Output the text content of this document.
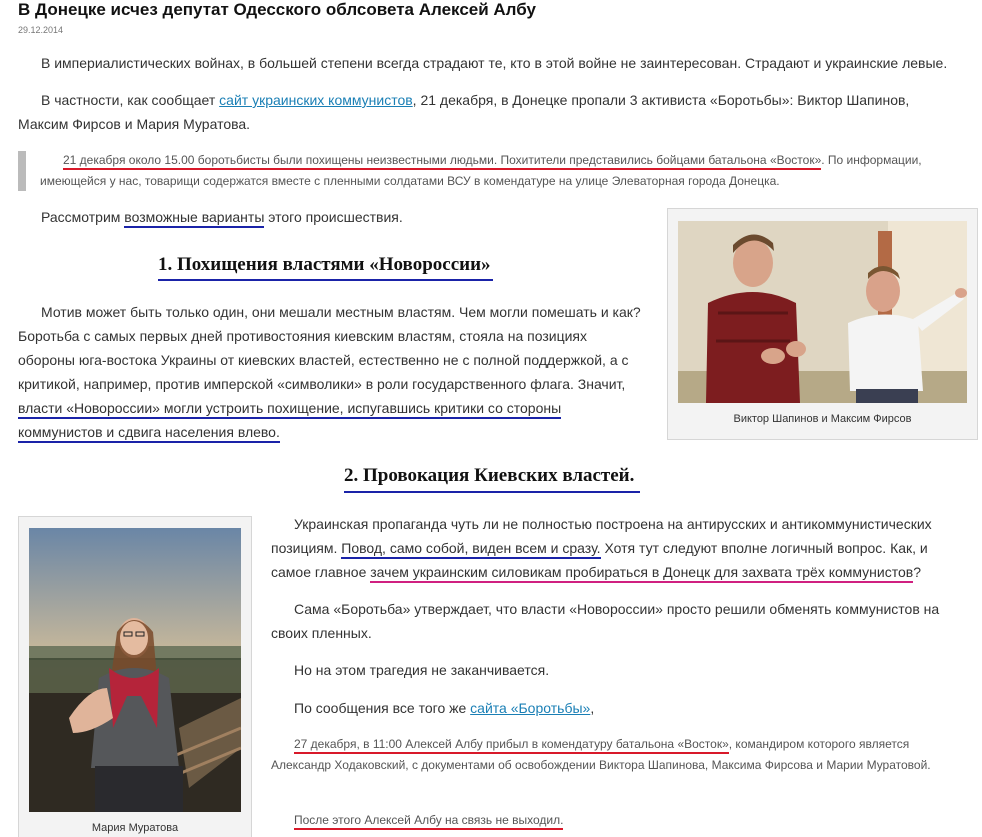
В Донецке исчез депутат Одесского облсовета Алексей Албу
29.12.2014
В империалистических войнах, в большей степени всегда страдают те, кто в этой войне не заинтересован. Страдают и украинские левые.
В частности, как сообщает сайт украинских коммунистов, 21 декабря, в Донецке пропали 3 активиста «Боротьбы»: Виктор Шапинов, Максим Фирсов и Мария Муратова.
21 декабря около 15.00 боротьбисты были похищены неизвестными людьми. Похитители представились бойцами батальона «Восток». По информации, имеющейся у нас, товарищи содержатся вместе с пленными солдатами ВСУ в комендатуре на улице Элеваторная города Донецка.
Рассмотрим возможные варианты этого происшествия.
1. Похищения властями «Новороссии»
Виктор Шапинов и Максим Фирсов
Мотив может быть только один, они мешали местным властям. Чем могли помешать и как? Боротьба с самых первых дней противостояния киевским властям, стояла на позициях обороны юга-востока Украины от киевских властей, естественно не с полной поддержкой, а с критикой, например, против имперской «символики» в роли государственного флага. Значит, власти «Новороссии» могли устроить похищение, испугавшись критики со стороны коммунистов и сдвига населения влево.
2. Провокация Киевских властей.
Мария Муратова
Украинская пропаганда чуть ли не полностью построена на антирусских и антикоммунистических позициям. Повод, само собой, виден всем и сразу. Хотя тут следуют вполне логичный вопрос. Как, и самое главное зачем украинским силовикам пробираться в Донецк для захвата трёх коммунистов?
Сама «Боротьба» утверждает, что власти «Новороссии» просто решили обменять коммунистов на своих пленных.
Но на этом трагедия не заканчивается.
По сообщения все того же сайта «Боротьбы»,
27 декабря, в 11:00 Алексей Албу прибыл в комендатуру батальона «Восток», командиром которого является Александр Ходаковский, с документами об освобождении Виктора Шапинова, Максима Фирсова и Марии Муратовой.
После этого Алексей Албу на связь не выходил.
